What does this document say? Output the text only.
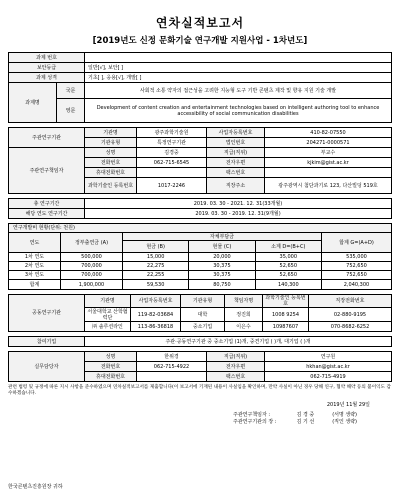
연차실적보고서
[2019년도 신정 문화기술 연구개발 지원사업 - 1차년도]
과제 번호		
보안등급		일반[√], 보안[ ]
과제 성격		기초[ ], 응용[√], 개발[ ]
과제명	국문	사회적 소통 약자의 접근성을 고려한 지능형 도구 기반 콘텐츠 제작 및 향유 지원 기술 개발
	영문	Development of content creation and entertainment technologies based on intelligent authoring tool to enhance accessibility of social communication disabilities
주관연구기관	기관명	광주과학기술원	사업자등록번호	410-82-07550
	기관유형	특정연구기관	법인번호	204271-0000571
주관연구책임자	성명	김경중	직급(직위)	부교수
	전화번호	062-715-6545	전자우편	kjkim@gist.ac.kr
	휴대전화번호		팩스번호	
	과학기술인 등록번호	1017-2246	직장주소	광주광역시 첨단과기로 123, 다산빌딩 519호
총 연구기간	2019. 03. 30 - 2021. 12. 31(33개월)
해당 연도 연구기간	2019. 03. 30 - 2019. 12. 31(9개월)
연구개발비 현황(단위: 천원)					
연도	정부출연금 (A)	자체부담금			합계 G=(A+D)
		현금 (B)	현물 (C)	소계 D=(B+C)	
1차 연도	500,000	15,000	20,000	35,000	535,000
2차 연도	700,000	22,275	30,375	52,650	752,650
3차 연도	700,000	22,255	30,375	52,650	752,650
합계	1,900,000	59,530	80,750	140,300	2,040,300
공동연구기관	기관명	사업자등록번호	기관유형	책임자명	과학기술인 등록번호	직장전화번호
	서울대학교 산학협력단	119-82-03684	대학	정진희	1008 9254	02-880-9195
	㈜ 솔루션라인	113-86-36818	중소기업	이은수	10987607	070-8682-6252
참여기업	주관·공동연구기관 중 중소기업 (1)개, 중견기업 ( )개, 대기업 ( )개
실무담당자	성명	한위경	직급(직위)	연구원
	전화번호	062-715-4922	전자우편	hkhan@gist.ac.kr
	휴대전화번호		팩스번호	062-715-4919
관련 법령 및 규정에 따른 지시 사항을 준수하였으며 연차실적보고서를 제출합니다(이 보고서에 기재된 내용이 사실임을 확인하며, 만약 사실이 아닌 경우 당해 연구, 협약 해약 등의 불이익도 감수하겠습니다.
2019년 11월 29일
주관연구책임자 :	김 경 중	(서명 생략)
주관연구기관의 장 :	김 기 선	(직인 생략)
한국콘텐츠진흥원장 귀하
